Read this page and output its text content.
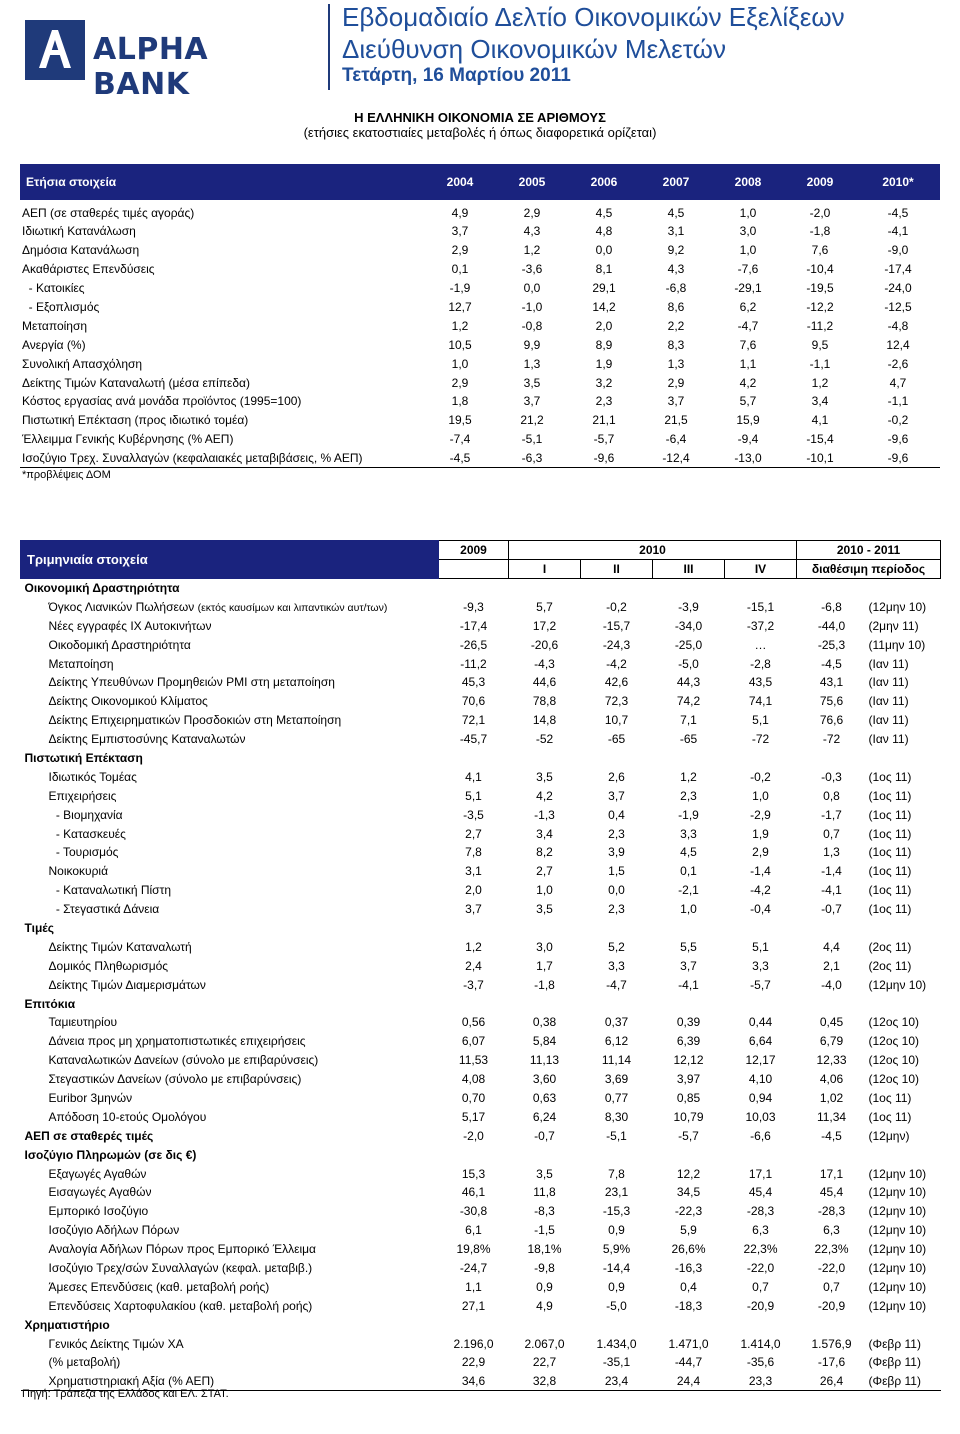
ALPHA BANK
Εβδομαδιαίο Δελτίο Οικονομικών Εξελίξεων
Διεύθυνση Οικονομικών Μελετών
Τετάρτη, 16 Μαρτίου 2011
Η ΕΛΛΗΝΙΚΗ ΟΙΚΟΝΟΜΙΑ ΣΕ ΑΡΙΘΜΟΥΣ
(ετήσιες εκατοστιαίες μεταβολές ή όπως διαφορετικά ορίζεται)
Ετήσια στοιχεία	2004	2005	2006	2007	2008	2009	2010*
ΑΕΠ (σε σταθερές τιμές αγοράς)	4,9	2,9	4,5	4,5	1,0	-2,0	-4,5
Ιδιωτική Κατανάλωση	3,7	4,3	4,8	3,1	3,0	-1,8	-4,1
Δημόσια Κατανάλωση	2,9	1,2	0,0	9,2	1,0	7,6	-9,0
Ακαθάριστες Επενδύσεις	0,1	-3,6	8,1	4,3	-7,6	-10,4	-17,4
- Κατοικίες	-1,9	0,0	29,1	-6,8	-29,1	-19,5	-24,0
- Εξοπλισμός	12,7	-1,0	14,2	8,6	6,2	-12,2	-12,5
Μεταποίηση	1,2	-0,8	2,0	2,2	-4,7	-11,2	-4,8
Ανεργία (%)	10,5	9,9	8,9	8,3	7,6	9,5	12,4
Συνολική Απασχόληση	1,0	1,3	1,9	1,3	1,1	-1,1	-2,6
Δείκτης Τιμών Καταναλωτή (μέσα επίπεδα)	2,9	3,5	3,2	2,9	4,2	1,2	4,7
Κόστος εργασίας ανά μονάδα προϊόντος (1995=100)	1,8	3,7	2,3	3,7	5,7	3,4	-1,1
Πιστωτική Επέκταση (προς ιδιωτικό τομέα)	19,5	21,2	21,1	21,5	15,9	4,1	-0,2
Έλλειμμα Γενικής Κυβέρνησης (% ΑΕΠ)	-7,4	-5,1	-5,7	-6,4	-9,4	-15,4	-9,6
Ισοζύγιο Τρεχ. Συναλλαγών (κεφαλαιακές μεταβιβάσεις, % ΑΕΠ)	-4,5	-6,3	-9,6	-12,4	-13,0	-10,1	-9,6
*προβλέψεις ΔΟΜ
Τριμηνιαία στοιχεία	2009	2010				2010 - 2011	
		I	II	III	IV	διαθέσιμη περίοδος	
Οικονομική Δραστηριότητα							
Όγκος Λιανικών Πωλήσεων (εκτός καυσίμων και λιπαντικών αυτ/των)	-9,3	5,7	-0,2	-3,9	-15,1	-6,8	(12μην 10)
Νέες εγγραφές ΙΧ Αυτοκινήτων	-17,4	17,2	-15,7	-34,0	-37,2	-44,0	(2μην 11)
Οικοδομική Δραστηριότητα	-26,5	-20,6	-24,3	-25,0	…	-25,3	(11μην 10)
Μεταποίηση	-11,2	-4,3	-4,2	-5,0	-2,8	-4,5	(Ιαν 11)
Δείκτης Υπευθύνων Προμηθειών PMI στη μεταποίηση	45,3	44,6	42,6	44,3	43,5	43,1	(Ιαν 11)
Δείκτης Οικονομικού Κλίματος	70,6	78,8	72,3	74,2	74,1	75,6	(Ιαν 11)
Δείκτης Επιχειρηματικών Προσδοκιών στη Μεταποίηση	72,1	14,8	10,7	7,1	5,1	76,6	(Ιαν 11)
Δείκτης Εμπιστοσύνης Καταναλωτών	-45,7	-52	-65	-65	-72	-72	(Ιαν 11)
Πιστωτική Επέκταση							
Ιδιωτικός Τομέας	4,1	3,5	2,6	1,2	-0,2	-0,3	(1ος 11)
Επιχειρήσεις	5,1	4,2	3,7	2,3	1,0	0,8	(1ος 11)
- Βιομηχανία	-3,5	-1,3	0,4	-1,9	-2,9	-1,7	(1ος 11)
- Κατασκευές	2,7	3,4	2,3	3,3	1,9	0,7	(1ος 11)
- Τουρισμός	7,8	8,2	3,9	4,5	2,9	1,3	(1ος 11)
Νοικοκυριά	3,1	2,7	1,5	0,1	-1,4	-1,4	(1ος 11)
- Καταναλωτική Πίστη	2,0	1,0	0,0	-2,1	-4,2	-4,1	(1ος 11)
- Στεγαστικά Δάνεια	3,7	3,5	2,3	1,0	-0,4	-0,7	(1ος 11)
Τιμές							
Δείκτης Τιμών Καταναλωτή	1,2	3,0	5,2	5,5	5,1	4,4	(2ος 11)
Δομικός Πληθωρισμός	2,4	1,7	3,3	3,7	3,3	2,1	(2ος 11)
Δείκτης Τιμών Διαμερισμάτων	-3,7	-1,8	-4,7	-4,1	-5,7	-4,0	(12μην 10)
Επιτόκια							
Ταμιευτηρίου	0,56	0,38	0,37	0,39	0,44	0,45	(12ος 10)
Δάνεια προς μη χρηματοπιστωτικές επιχειρήσεις	6,07	5,84	6,12	6,39	6,64	6,79	(12ος 10)
Καταναλωτικών Δανείων (σύνολο με επιβαρύνσεις)	11,53	11,13	11,14	12,12	12,17	12,33	(12ος 10)
Στεγαστικών Δανείων (σύνολο με επιβαρύνσεις)	4,08	3,60	3,69	3,97	4,10	4,06	(12ος 10)
Euribor 3μηνών	0,70	0,63	0,77	0,85	0,94	1,02	(1ος 11)
Απόδοση 10-ετούς Ομολόγου	5,17	6,24	8,30	10,79	10,03	11,34	(1ος 11)
ΑΕΠ σε σταθερές τιμές	-2,0	-0,7	-5,1	-5,7	-6,6	-4,5	(12μην)
Ισοζύγιο Πληρωμών (σε δις €)							
Εξαγωγές Αγαθών	15,3	3,5	7,8	12,2	17,1	17,1	(12μην 10)
Εισαγωγές Αγαθών	46,1	11,8	23,1	34,5	45,4	45,4	(12μην 10)
Εμπορικό Ισοζύγιο	-30,8	-8,3	-15,3	-22,3	-28,3	-28,3	(12μην 10)
Ισοζύγιο Αδήλων Πόρων	6,1	-1,5	0,9	5,9	6,3	6,3	(12μην 10)
Αναλογία Αδήλων Πόρων προς Εμπορικό Έλλειμα	19,8%	18,1%	5,9%	26,6%	22,3%	22,3%	(12μην 10)
Ισοζύγιο Τρεχ/σών Συναλλαγών (κεφαλ. μεταβιβ.)	-24,7	-9,8	-14,4	-16,3	-22,0	-22,0	(12μην 10)
Άμεσες Επενδύσεις (καθ. μεταβολή ροής)	1,1	0,9	0,9	0,4	0,7	0,7	(12μην 10)
Επενδύσεις Χαρτοφυλακίου (καθ. μεταβολή ροής)	27,1	4,9	-5,0	-18,3	-20,9	-20,9	(12μην 10)
Χρηματιστήριο							
Γενικός Δείκτης Τιμών ΧΑ	2.196,0	2.067,0	1.434,0	1.471,0	1.414,0	1.576,9	(Φεβρ 11)
(% μεταβολή)	22,9	22,7	-35,1	-44,7	-35,6	-17,6	(Φεβρ 11)
Χρηματιστηριακή Αξία (% ΑΕΠ)	34,6	32,8	23,4	24,4	23,3	26,4	(Φεβρ 11)
Πηγή: Τράπεζα της Ελλάδος και ΕΛ. ΣΤΑΤ.
